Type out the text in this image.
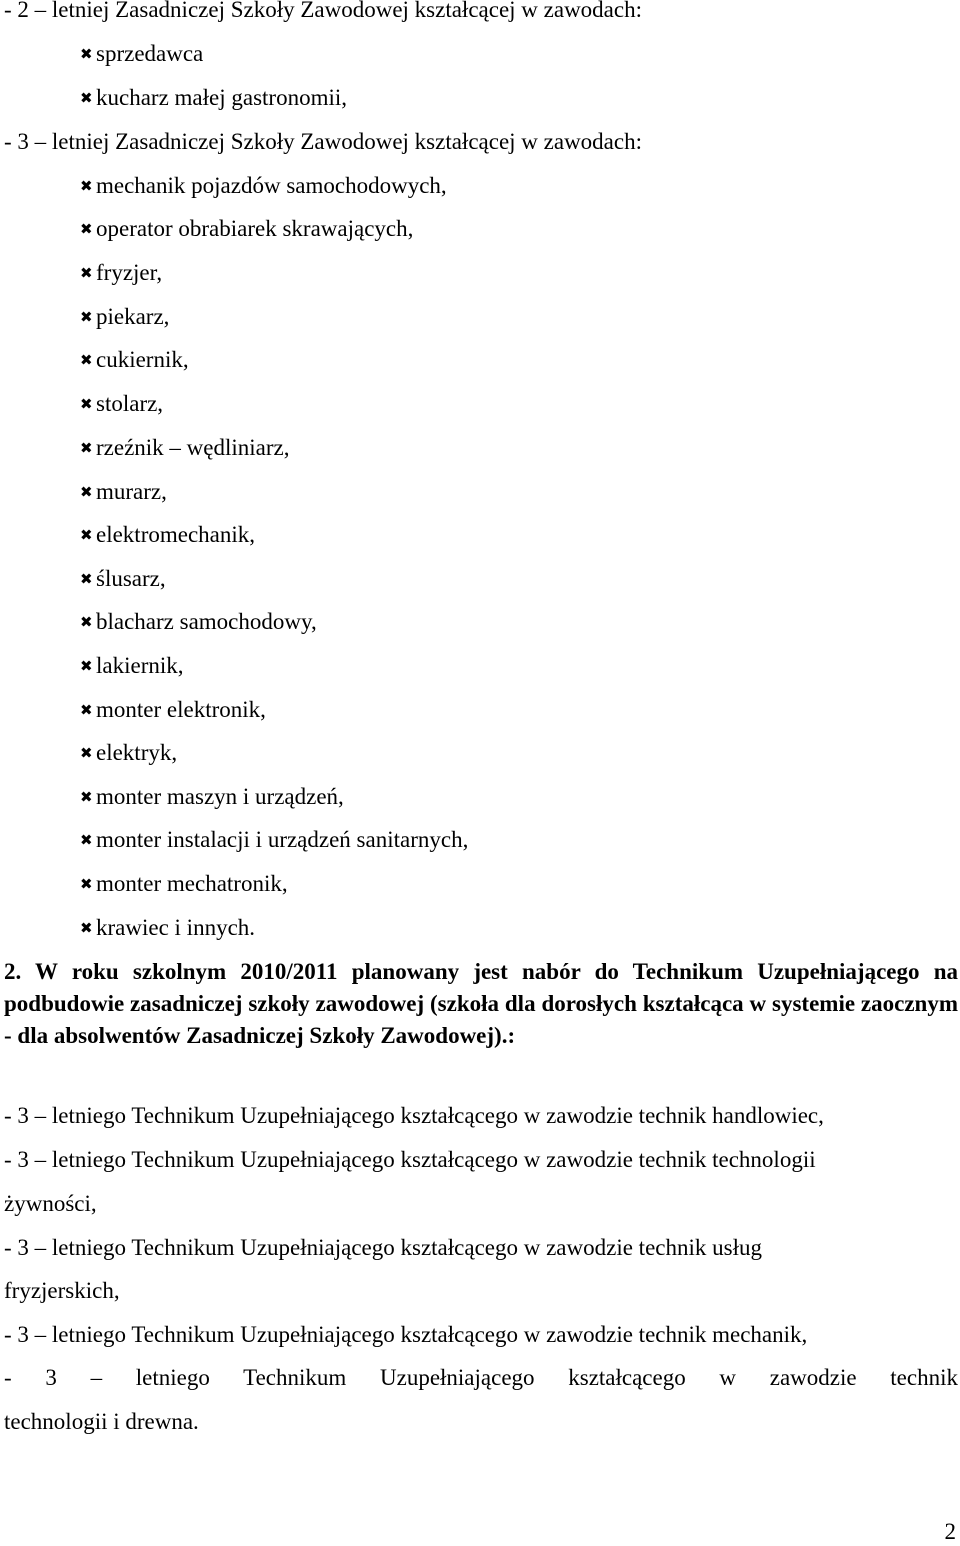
- 2 – letniej Zasadniczej Szkoły Zawodowej kształcącej w zawodach:
✖ sprzedawca
✖ kucharz małej gastronomii,
- 3 – letniej Zasadniczej Szkoły Zawodowej kształcącej w zawodach:
✖ mechanik pojazdów samochodowych,
✖ operator obrabiarek skrawających,
✖ fryzjer,
✖ piekarz,
✖ cukiernik,
✖ stolarz,
✖ rzeźnik – wędliniarz,
✖ murarz,
✖ elektromechanik,
✖ ślusarz,
✖ blacharz samochodowy,
✖ lakiernik,
✖ monter elektronik,
✖ elektryk,
✖ monter maszyn i urządzeń,
✖ monter instalacji i urządzeń sanitarnych,
✖ monter mechatronik,
✖ krawiec i innych.
2. W roku szkolnym 2010/2011 planowany jest nabór do Technikum Uzupełniającego na podbudowie zasadniczej szkoły zawodowej (szkoła dla dorosłych kształcąca w systemie zaocznym - dla absolwentów Zasadniczej Szkoły Zawodowej).:
- 3 – letniego Technikum Uzupełniającego kształcącego w zawodzie technik handlowiec,
- 3 – letniego Technikum Uzupełniającego kształcącego w zawodzie technik technologii
żywności,
- 3 – letniego Technikum Uzupełniającego kształcącego w zawodzie technik usług
fryzjerskich,
- 3 – letniego Technikum Uzupełniającego kształcącego w zawodzie technik mechanik,
- 3 – letniego Technikum Uzupełniającego kształcącego w zawodzie technik
technologii i drewna.
2
